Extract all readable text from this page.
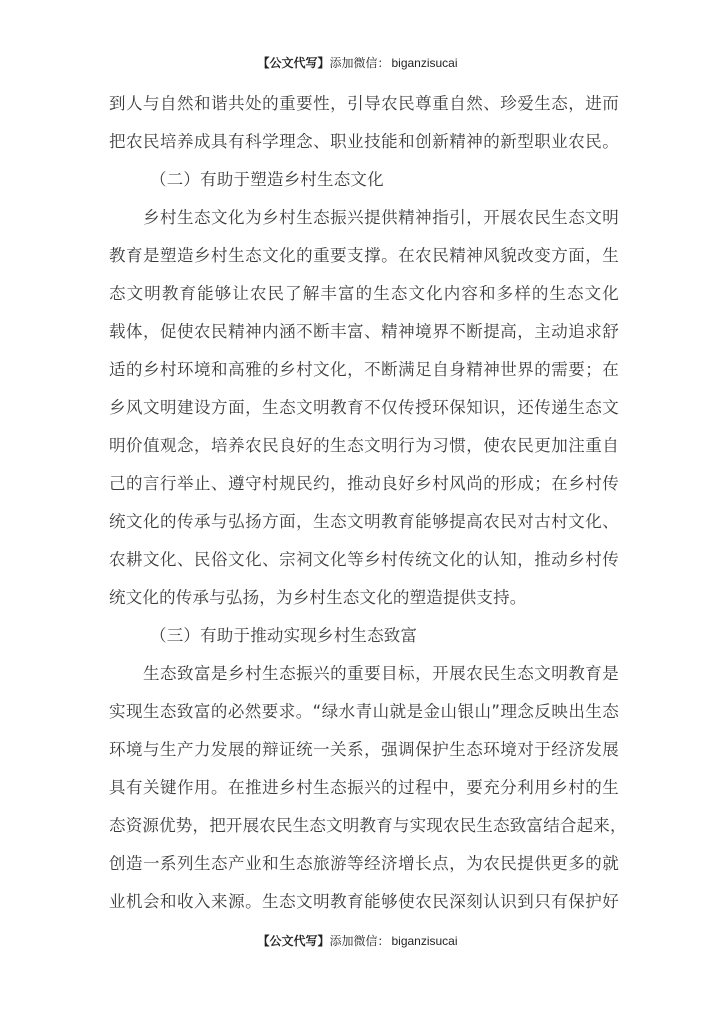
【公文代写】添加微信： biganzisucai
到人与自然和谐共处的重要性，引导农民尊重自然、珍爱生态，进而
把农民培养成具有科学理念、职业技能和创新精神的新型职业农民。
（二）有助于塑造乡村生态文化
乡村生态文化为乡村生态振兴提供精神指引，开展农民生态文明
教育是塑造乡村生态文化的重要支撑。在农民精神风貌改变方面，生
态文明教育能够让农民了解丰富的生态文化内容和多样的生态文化
载体，促使农民精神内涵不断丰富、精神境界不断提高，主动追求舒
适的乡村环境和高雅的乡村文化，不断满足自身精神世界的需要；在
乡风文明建设方面，生态文明教育不仅传授环保知识，还传递生态文
明价值观念，培养农民良好的生态文明行为习惯，使农民更加注重自
己的言行举止、遵守村规民约，推动良好乡村风尚的形成；在乡村传
统文化的传承与弘扬方面，生态文明教育能够提高农民对古村文化、
农耕文化、民俗文化、宗祠文化等乡村传统文化的认知，推动乡村传
统文化的传承与弘扬，为乡村生态文化的塑造提供支持。
（三）有助于推动实现乡村生态致富
生态致富是乡村生态振兴的重要目标，开展农民生态文明教育是
实现生态致富的必然要求。“绿水青山就是金山银山”理念反映出生态
环境与生产力发展的辩证统一关系，强调保护生态环境对于经济发展
具有关键作用。在推进乡村生态振兴的过程中，要充分利用乡村的生
态资源优势，把开展农民生态文明教育与实现农民生态致富结合起来，
创造一系列生态产业和生态旅游等经济增长点，为农民提供更多的就
业机会和收入来源。生态文明教育能够使农民深刻认识到只有保护好
【公文代写】添加微信： biganzisucai
